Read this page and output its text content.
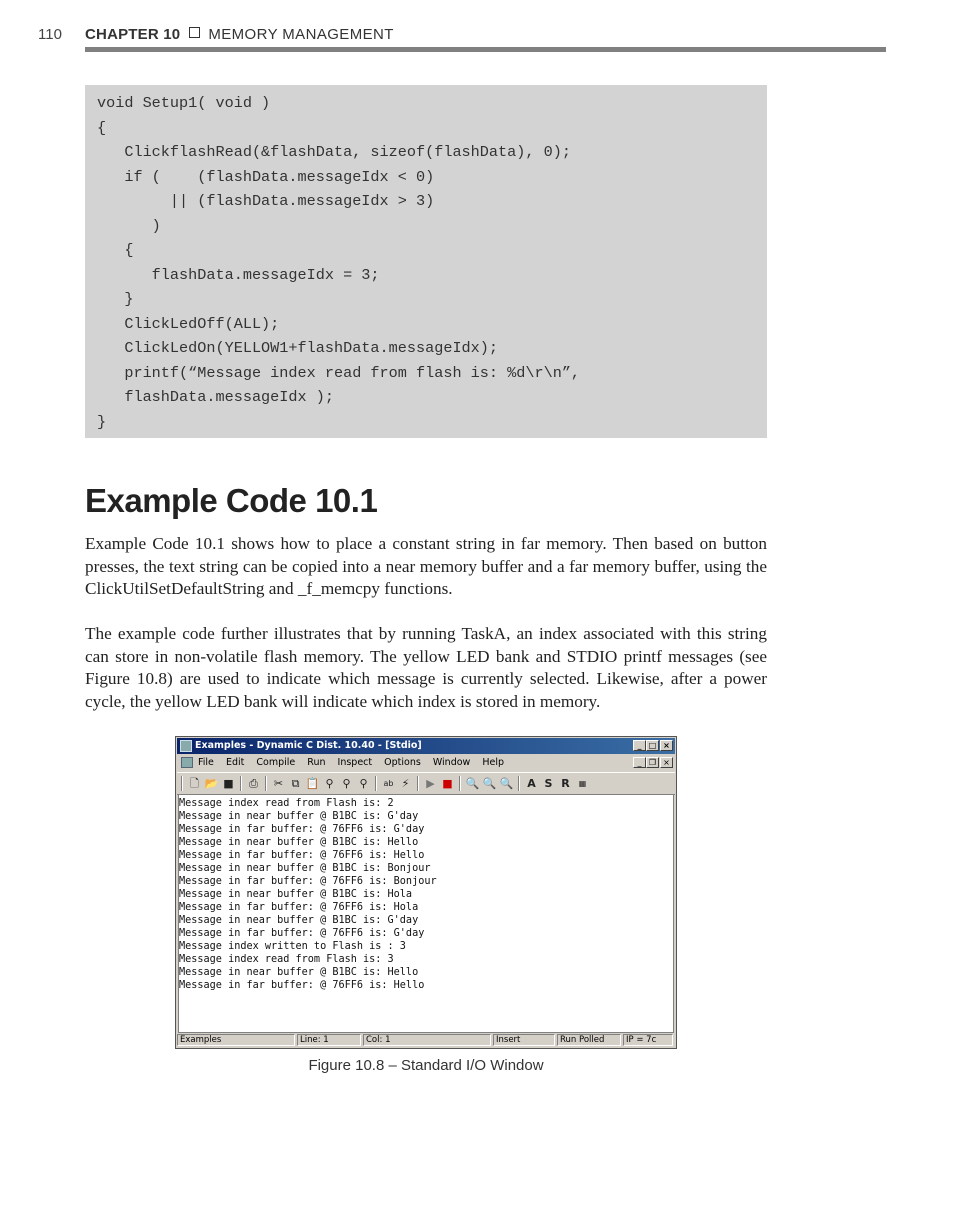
110 CHAPTER 10 MEMORY MANAGEMENT
void Setup1( void )
{
ClickflashRead(&flashData, sizeof(flashData), 0);
if (    (flashData.messageIdx < 0)
|| (flashData.messageIdx > 3)
)
{
flashData.messageIdx = 3;
}
ClickLedOff(ALL);
ClickLedOn(YELLOW1+flashData.messageIdx);
printf(“Message index read from flash is: %d\r\n”,
flashData.messageIdx );
}
Example Code 10.1

Example Code 10.1 shows how to place a constant string in far memory. Then based on button presses, the text string can be copied into a near memory buffer and a far memory buffer, using the ClickUtilSetDefaultString and _f_memcpy functions.

The example code further illustrates that by running TaskA, an index associated with this string can store in non-volatile flash memory. The yellow LED bank and STDIO printf messages (see Figure 10.8) are used to indicate which message is currently selected. Likewise, after a power cycle, the yellow LED bank will indicate which index is stored in memory.

Examples - Dynamic C Dist. 10.40 - [Stdio]	_ □ ×
File Edit Compile Run Inspect Options Window Help	_ ❐ ×
🗋 📂 ■ ⎙ ✂ ⧉ 📋 ⚲ ⚲ ⚲	ab ⚡	▶ ■ 🔍 🔍 🔍 A S R	▦
Message index read from Flash is: 2
Message in near buffer @ B1BC is: G'day
Message in far buffer: @ 76FF6 is: G'day
Message in near buffer @ B1BC is: Hello
Message in far buffer: @ 76FF6 is: Hello
Message in near buffer @ B1BC is: Bonjour
Message in far buffer: @ 76FF6 is: Bonjour
Message in near buffer @ B1BC is: Hola
Message in far buffer: @ 76FF6 is: Hola
Message in near buffer @ B1BC is: G'day
Message in far buffer: @ 76FF6 is: G'day
Message index written to Flash is : 3
Message index read from Flash is: 3
Message in near buffer @ B1BC is: Hello
Message in far buffer: @ 76FF6 is: Hello
Examples	Line: 1	Col: 1	Insert	Run Polled	IP = 7c

Figure 10.8 – Standard I/O Window
